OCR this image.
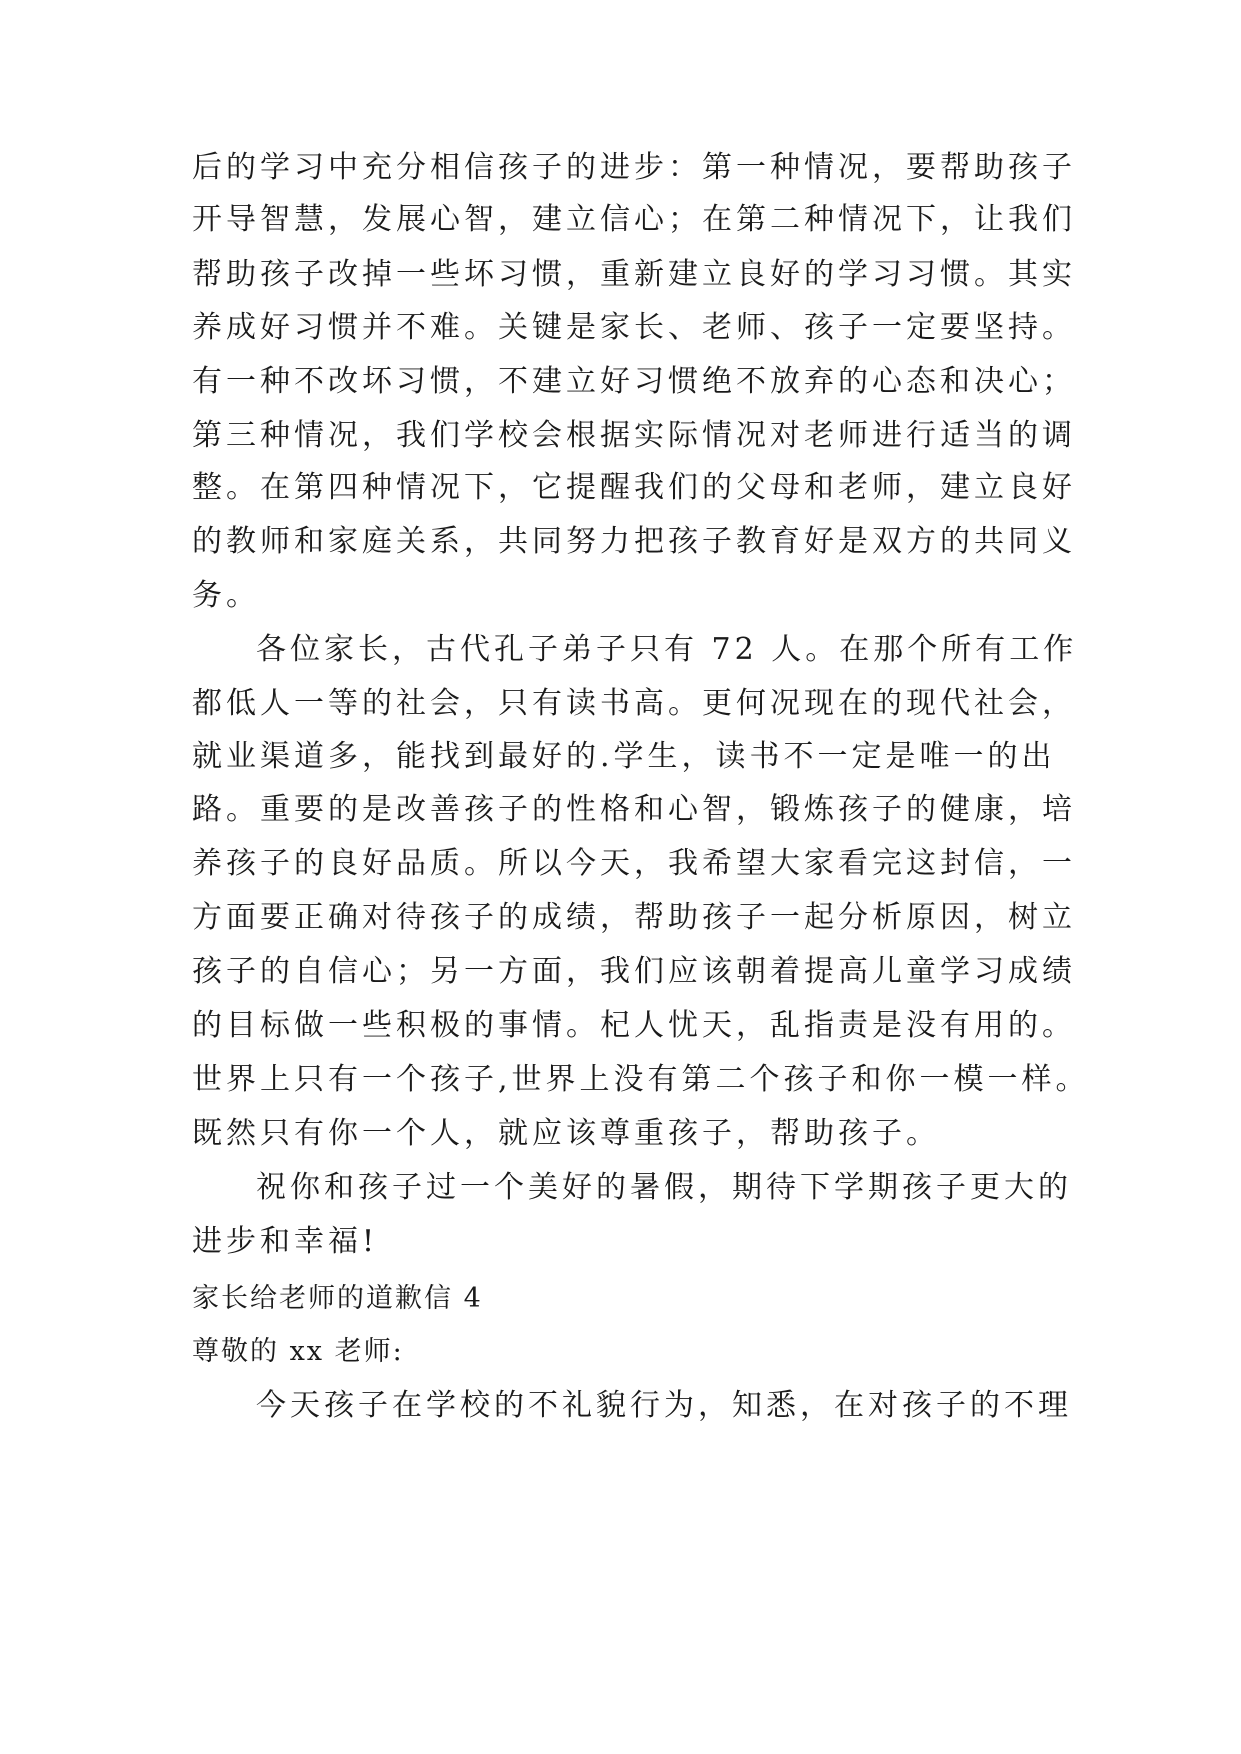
后的学习中充分相信孩子的进步：第一种情况，要帮助孩子
开导智慧，发展心智，建立信心；在第二种情况下，让我们
帮助孩子改掉一些坏习惯，重新建立良好的学习习惯。其实
养成好习惯并不难。关键是家长、老师、孩子一定要坚持。
有一种不改坏习惯，不建立好习惯绝不放弃的心态和决心；
第三种情况，我们学校会根据实际情况对老师进行适当的调
整。在第四种情况下，它提醒我们的父母和老师，建立良好
的教师和家庭关系，共同努力把孩子教育好是双方的共同义
务。
各位家长，古代孔子弟子只有 72 人。在那个所有工作
都低人一等的社会，只有读书高。更何况现在的现代社会，
就业渠道多，能找到最好的.学生，读书不一定是唯一的出
路。重要的是改善孩子的性格和心智，锻炼孩子的健康，培
养孩子的良好品质。所以今天，我希望大家看完这封信，一
方面要正确对待孩子的成绩，帮助孩子一起分析原因，树立
孩子的自信心；另一方面，我们应该朝着提高儿童学习成绩
的目标做一些积极的事情。杞人忧天，乱指责是没有用的。
世界上只有一个孩子,世界上没有第二个孩子和你一模一样。
既然只有你一个人，就应该尊重孩子，帮助孩子。
祝你和孩子过一个美好的暑假，期待下学期孩子更大的
进步和幸福!
家长给老师的道歉信 4
尊敬的 xx 老师:
今天孩子在学校的不礼貌行为，知悉，在对孩子的不理
